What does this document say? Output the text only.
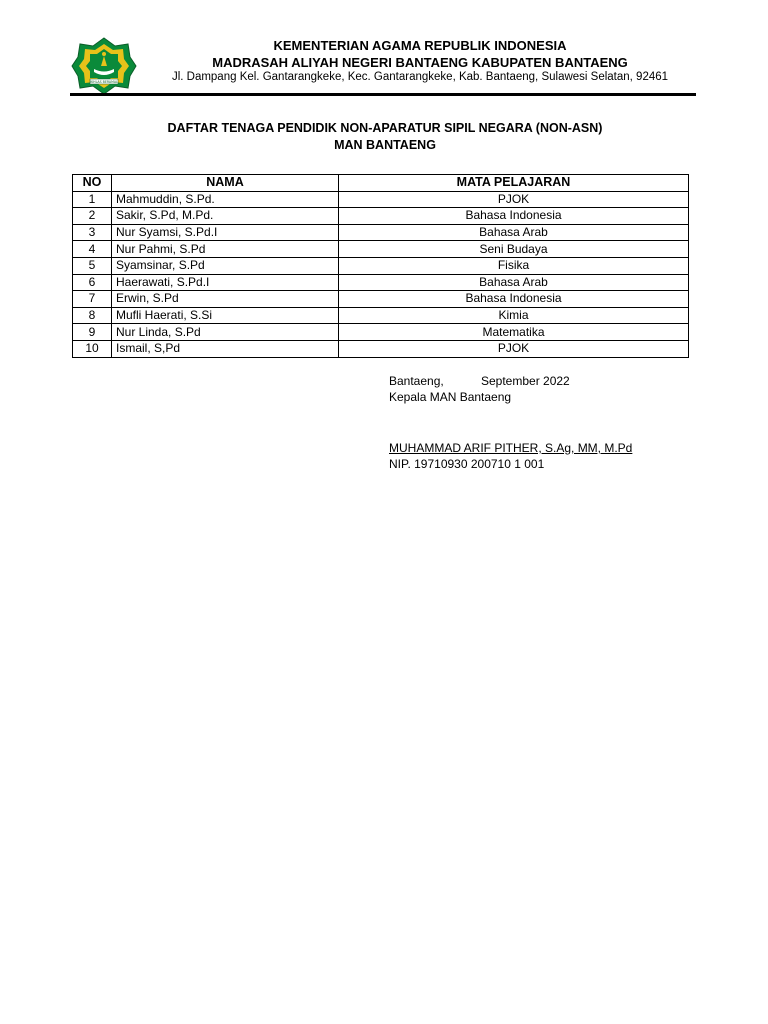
IKHLAS BERAMAL
KEMENTERIAN AGAMA REPUBLIK INDONESIA
MADRASAH ALIYAH NEGERI BANTAENG KABUPATEN BANTAENG
Jl. Dampang Kel. Gantarangkeke, Kec. Gantarangkeke, Kab. Bantaeng, Sulawesi Selatan, 92461
DAFTAR TENAGA PENDIDIK NON-APARATUR SIPIL NEGARA (NON-ASN)
MAN BANTAENG
NO	NAMA	MATA PELAJARAN
1	Mahmuddin, S.Pd.	PJOK
2	Sakir, S.Pd, M.Pd.	Bahasa Indonesia
3	Nur Syamsi, S.Pd.I	Bahasa Arab
4	Nur Pahmi, S.Pd	Seni Budaya
5	Syamsinar, S.Pd	Fisika
6	Haerawati, S.Pd.I	Bahasa Arab
7	Erwin, S.Pd	Bahasa Indonesia
8	Mufli Haerati, S.Si	Kimia
9	Nur Linda, S.Pd	Matematika
10	Ismail, S,Pd	PJOK
Bantaeng,	September 2022
Kepala MAN Bantaeng
MUHAMMAD ARIF PITHER, S.Ag, MM, M.Pd
NIP. 19710930 200710 1 001
